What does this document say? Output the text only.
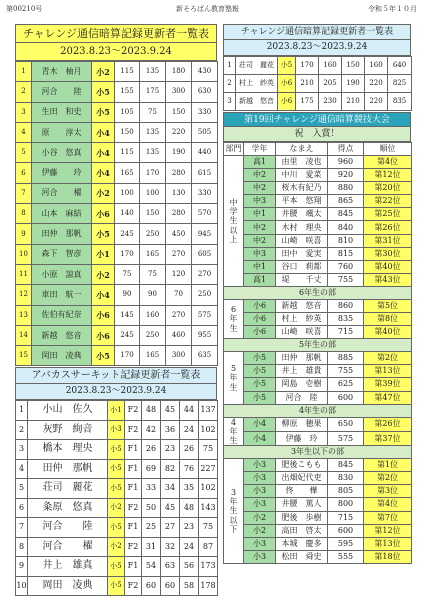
第00210号	新そろばん教育塾報	令和５年１０月
チャレンジ通信暗算記録更新者一覧表
2023.8.23～2023.9.24
1	青木　柚月	小2	115	135	180	430
2	河合　　陸	小5	155	175	300	630
3	生田　和史	小5	105	75	150	330
4	原　　淳太	小4	150	135	220	505
5	小谷　悠真	小4	115	135	190	440
6	伊藤　　玲	小4	165	170	280	615
7	河合　　櫂	小2	100	100	130	330
8	山本　麻結	小6	140	150	280	570
9	田仲　那帆	小5	245	250	450	945
10	森下　智彦	小1	170	165	270	605
11	小原　諒真	小2	75	75	120	270
12	車田　航一	小4	90	90	70	250
13	佐伯有紀奈	小6	145	160	270	575
14	新越　悠音	小6	245	250	460	955
15	岡田　凌典	小5	170	165	300	635
アバカスサーキット記録更新者一覧表
2023.8.23～2023.9.24
1	小山　佐久	小1	F2	48	45	44	137
2	灰野　絢音	小3	F2	42	36	24	102
3	橋本　理央	小5	F1	26	23	26	75
4	田仲　那帆	小5	F1	69	82	76	227
5	荘司　麗花	小5	F1	33	34	35	102
6	粂原　悠真	小2	F2	50	45	48	143
7	河合　　陸	小5	F1	25	27	23	75
8	河合　　櫂	小2	F2	31	32	24	87
9	井上　雄真	小5	F1	54	63	56	173
10	岡田　凌典	小5	F2	60	60	58	178
チャレンジ通信暗算記録更新者一覧表
2023.8.23～2023.9.24
1	荘司　麗花	小5	170	160	150	160	640
2	村上　紗英	小6	210	205	190	220	825
3	新越　悠音	小6	175	230	210	220	835
第19回チャレンジ通信暗算競技大会
祝　入賞！
部門	学年	なまえ	得点	順位
中学生以上	高1	由里　凌也	960	第4位
	中2	中川　愛菜	920	第12位
	中2	桜木有紀乃	880	第20位
	中3	平本　悠翔	865	第22位
	中1	井腰　颯太	845	第25位
	中2	木村　理央	840	第26位
	中2	山崎　咲喜	810	第31位
	中3	田中　愛実	815	第30位
	中1	谷口　莉都	760	第40位
	高1	堤　　千丈	755	第43位
6年生の部				
6年生	小6	新越　悠音	860	第5位
	小6	村上　紗英	835	第8位
	小6	山崎　咲喜	715	第40位
5年生の部				
5年生	小5	田仲　那帆	885	第2位
	小5	井上　雄貴	755	第13位
	小5	岡島　壱樹	625	第39位
	小5	河合　陸	600	第47位
4年生の部				
4年生	小4	柳原　穂果	650	第26位
	小4	伊藤　玲	575	第37位
3年生以下の部				
3年生以下	小3	肥後こもも	845	第1位
	小3	出畑妃代吏	830	第2位
	小3	佟　　樺	805	第3位
	小3	井腰　篤人	800	第4位
	小2	肥後　歩樹	715	第7位
	小2	高田　啓太	600	第12位
	小3	本城　慶多	595	第13位
	小3	松田　舜史	555	第18位
